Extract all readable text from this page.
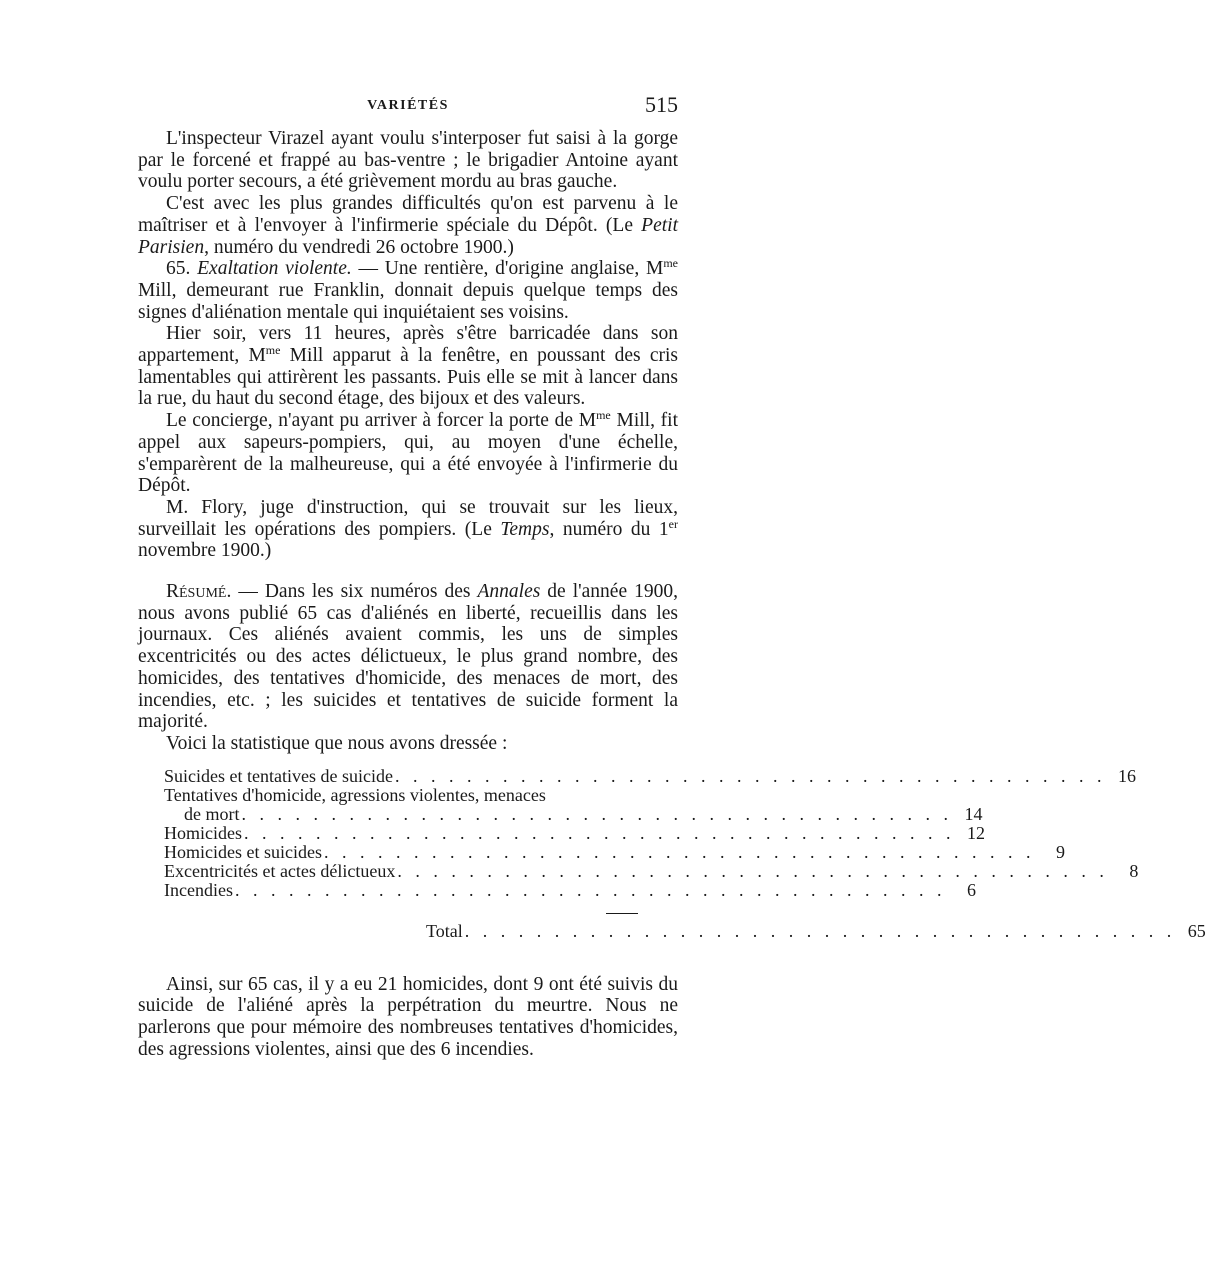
VARIÉTÉS	515

L'inspecteur Virazel ayant voulu s'interposer fut saisi à la gorge par le forcené et frappé au bas-ventre ; le brigadier Antoine ayant voulu porter secours, a été grièvement mordu au bras gauche.

C'est avec les plus grandes difficultés qu'on est parvenu à le maîtriser et à l'envoyer à l'infirmerie spéciale du Dépôt. (Le Petit Parisien, numéro du vendredi 26 octobre 1900.)

65. Exaltation violente. — Une rentière, d'origine anglaise, $M^{me}$ Mill, demeurant rue Franklin, donnait depuis quelque temps des signes d'aliénation mentale qui inquiétaient ses voisins.

Hier soir, vers 11 heures, après s'être barricadée dans son appartement, $M^{me}$ Mill apparut à la fenêtre, en poussant des cris lamentables qui attirèrent les passants. Puis elle se mit à lancer dans la rue, du haut du second étage, des bijoux et des valeurs.

Le concierge, n'ayant pu arriver à forcer la porte de $M^{me}$ Mill, fit appel aux sapeurs-pompiers, qui, au moyen d'une échelle, s'emparèrent de la malheureuse, qui a été envoyée à l'infirmerie du Dépôt.

M. Flory, juge d'instruction, qui se trouvait sur les lieux, surveillait les opérations des pompiers. (Le Temps, numéro du 1er novembre 1900.)

Résumé. — Dans les six numéros des Annales de l'année 1900, nous avons publié 65 cas d'aliénés en liberté, recueillis dans les journaux. Ces aliénés avaient commis, les uns de simples excentricités ou des actes délictueux, le plus grand nombre, des homicides, des tentatives d'homicide, des menaces de mort, des incendies, etc. ; les suicides et tentatives de suicide forment la majorité.

Voici la statistique que nous avons dressée :

Suicides et tentatives de suicide . . . . . . . . . . . . . . . . . . . . . . . . . . . . . . . . . . . . . . . . 16
Tentatives d'homicide, agressions violentes, menaces
de mort . . . . . . . . . . . . . . . . . . . . . . . . . . . . . . . . . . . . . . . . 14
Homicides . . . . . . . . . . . . . . . . . . . . . . . . . . . . . . . . . . . . . . . . 12
Homicides et suicides . . . . . . . . . . . . . . . . . . . . . . . . . . . . . . . . . . . . . . . .	9
Excentricités et actes délictueux . . . . . . . . . . . . . . . . . . . . . . . . . . . . . . . . . . . . . . . .	8
Incendies . . . . . . . . . . . . . . . . . . . . . . . . . . . . . . . . . . . . . . . .	6
Total . . . . . . . . . . . . . . . . . . . . . . . . . . . . . . . . . . . . . . . . 65

Ainsi, sur 65 cas, il y a eu 21 homicides, dont 9 ont été suivis du suicide de l'aliéné après la perpétration du meurtre. Nous ne parlerons que pour mémoire des nombreuses tentatives d'homicides, des agressions violentes, ainsi que des 6 incendies.
